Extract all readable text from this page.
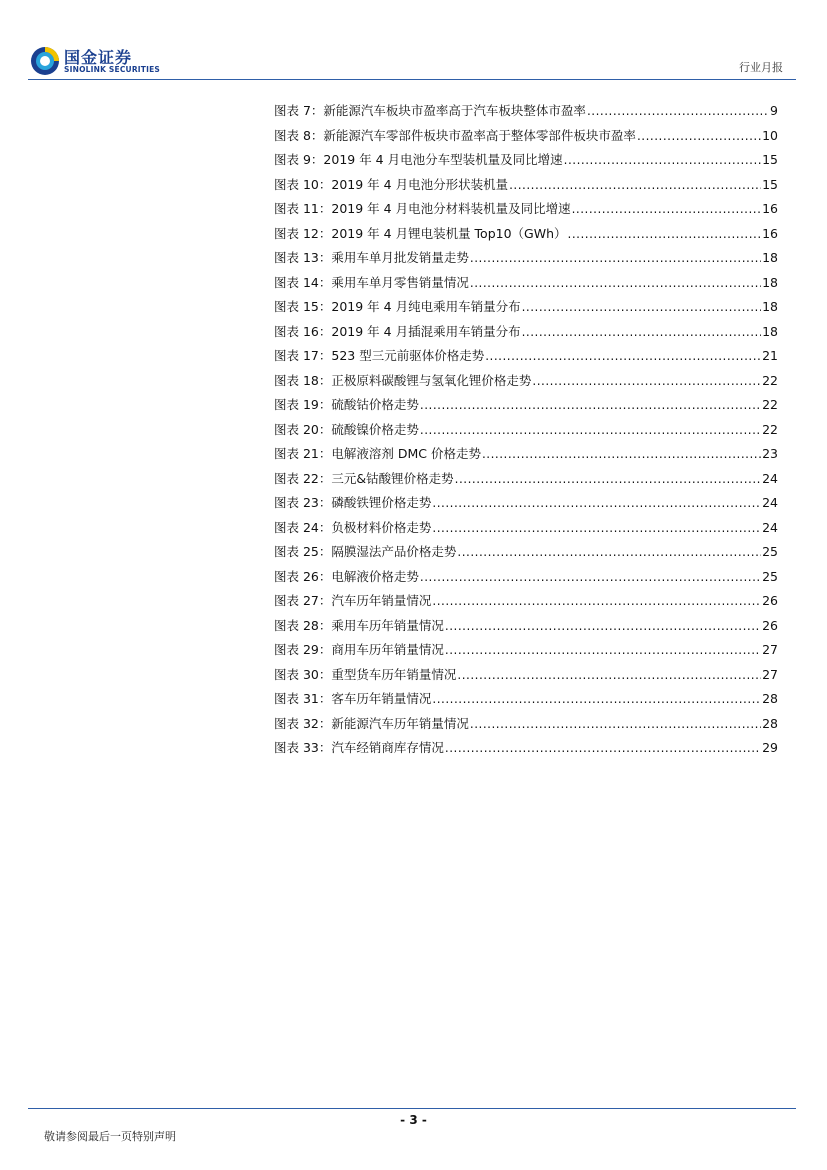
国金证券
SINOLINK SECURITIES	行业月报
图表 7：新能源汽车板块市盈率高于汽车板块整体市盈率 .....	9
图表 8：新能源汽车零部件板块市盈率高于整体零部件板块市盈率 .....	10
图表 9：2019 年 4 月电池分车型装机量及同比增速 .....	15
图表 10：2019 年 4 月电池分形状装机量 .....	15
图表 11：2019 年 4 月电池分材料装机量及同比增速 .....	16
图表 12：2019 年 4 月锂电装机量 Top10（GWh） .....	16
图表 13：乘用车单月批发销量走势 .....	18
图表 14：乘用车单月零售销量情况 .....	18
图表 15：2019 年 4 月纯电乘用车销量分布 .....	18
图表 16：2019 年 4 月插混乘用车销量分布 .....	18
图表 17：523 型三元前驱体价格走势 .....	21
图表 18：正极原料碳酸锂与氢氧化锂价格走势 .....	22
图表 19：硫酸钴价格走势 .....	22
图表 20：硫酸镍价格走势 .....	22
图表 21：电解液溶剂 DMC 价格走势 .....	23
图表 22：三元&钴酸锂价格走势 .....	24
图表 23：磷酸铁锂价格走势 .....	24
图表 24：负极材料价格走势 .....	24
图表 25：隔膜湿法产品价格走势 .....	25
图表 26：电解液价格走势 .....	25
图表 27：汽车历年销量情况 .....	26
图表 28：乘用车历年销量情况 .....	26
图表 29：商用车历年销量情况 .....	27
图表 30：重型货车历年销量情况 .....	27
图表 31：客车历年销量情况 .....	28
图表 32：新能源汽车历年销量情况 .....	28
图表 33：汽车经销商库存情况 .....	29
- 3 -
敬请参阅最后一页特别声明
